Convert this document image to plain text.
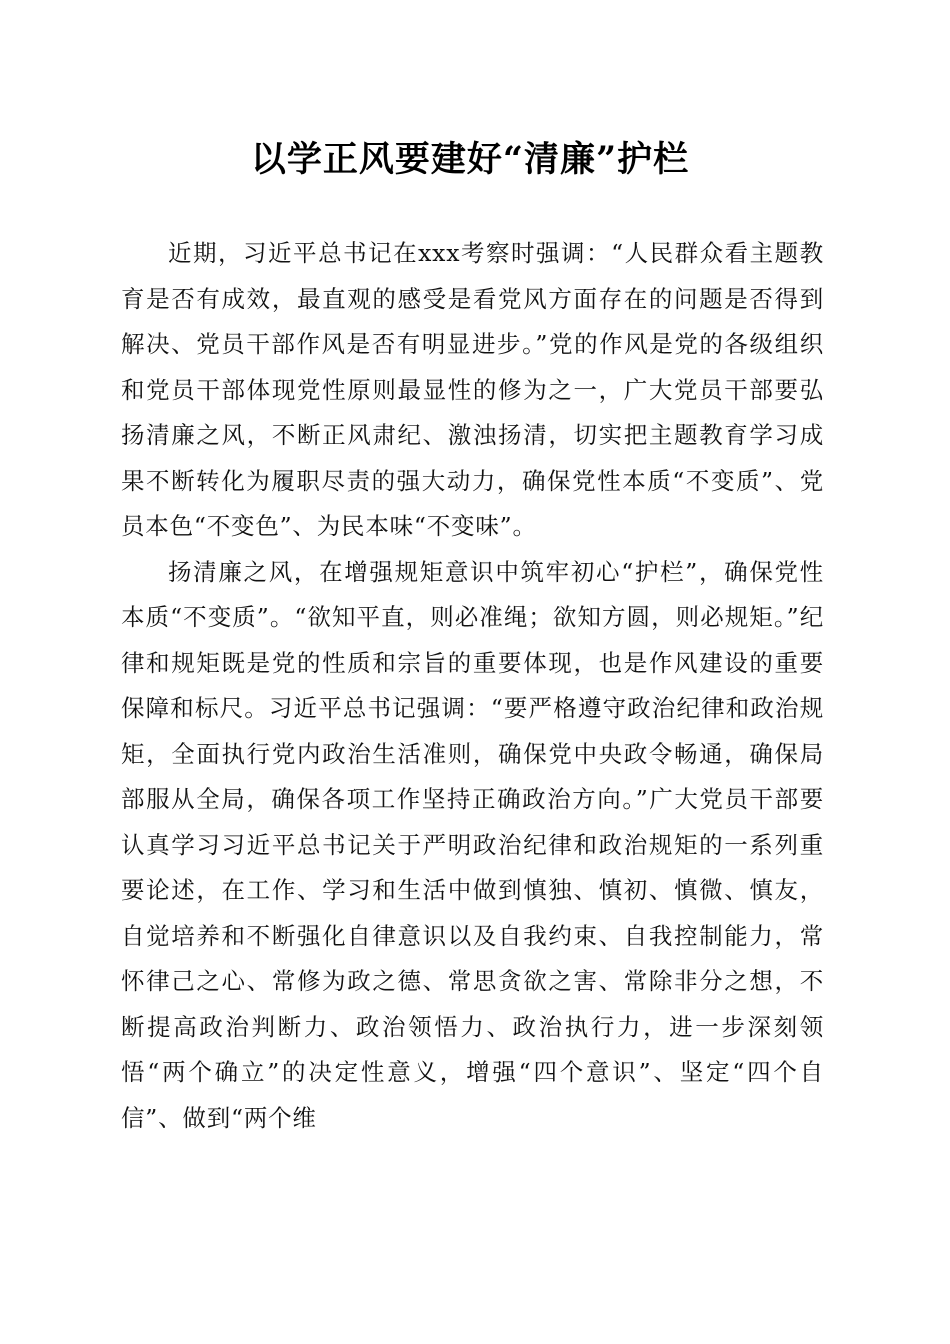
以学正风要建好“清廉”护栏

近期，习近平总书记在xxx考察时强调：“人民群众看主题教育是否有成效，最直观的感受是看党风方面存在的问题是否得到解决、党员干部作风是否有明显进步。”党的作风是党的各级组织和党员干部体现党性原则最显性的修为之一，广大党员干部要弘扬清廉之风，不断正风肃纪、激浊扬清，切实把主题教育学习成果不断转化为履职尽责的强大动力，确保党性本质“不变质”、党员本色“不变色”、为民本味“不变味”。

扬清廉之风，在增强规矩意识中筑牢初心“护栏”，确保党性本质“不变质”。“欲知平直，则必准绳；欲知方圆，则必规矩。”纪律和规矩既是党的性质和宗旨的重要体现，也是作风建设的重要保障和标尺。习近平总书记强调：“要严格遵守政治纪律和政治规矩，全面执行党内政治生活准则，确保党中央政令畅通，确保局部服从全局，确保各项工作坚持正确政治方向。”广大党员干部要认真学习习近平总书记关于严明政治纪律和政治规矩的一系列重要论述，在工作、学习和生活中做到慎独、慎初、慎微、慎友，自觉培养和不断强化自律意识以及自我约束、自我控制能力，常怀律己之心、常修为政之德、常思贪欲之害、常除非分之想，不断提高政治判断力、政治领悟力、政治执行力，进一步深刻领悟“两个确立”的决定性意义，增强“四个意识”、坚定“四个自信”、做到“两个维
